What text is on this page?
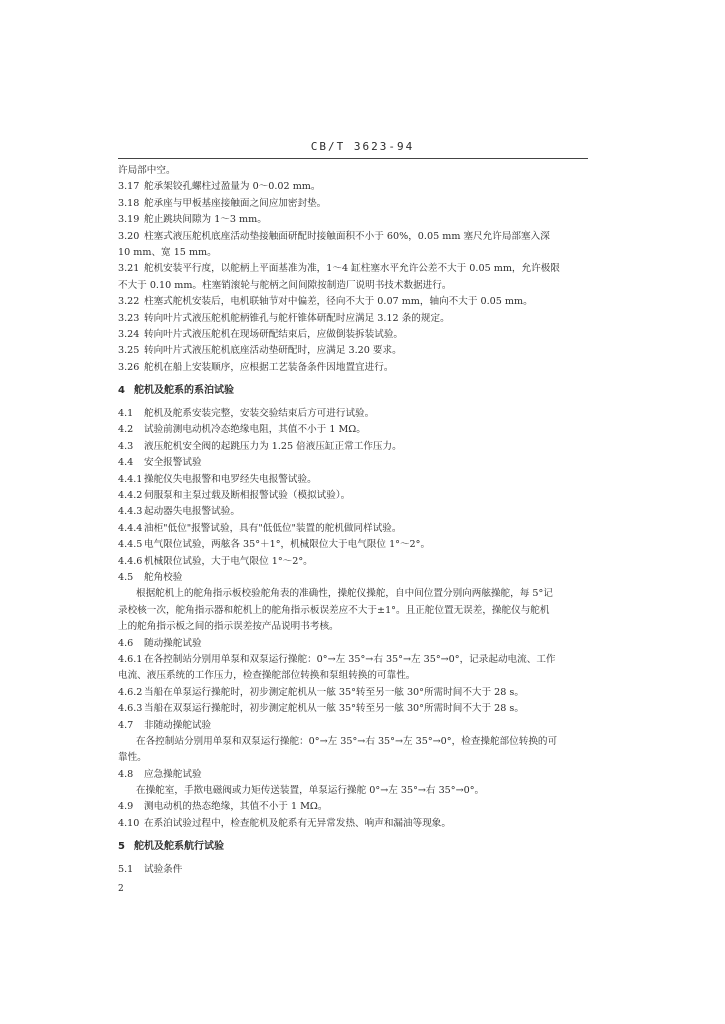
CB/T 3623-94
许局部中空。
3.17 舵承架铰孔螺柱过盈量为 0～0.02 mm。
3.18 舵承座与甲板基座接触面之间应加密封垫。
3.19 舵止跳块间隙为 1～3 mm。
3.20 柱塞式液压舵机底座活动垫接触面研配时接触面积不小于 60%，0.05 mm 塞尺允许局部塞入深
10 mm、宽 15 mm。
3.21 舵机安装平行度，以舵柄上平面基准为准，1～4 缸柱塞水平允许公差不大于 0.05 mm，允许极限
不大于 0.10 mm。柱塞销滚轮与舵柄之间间隙按制造厂说明书技术数据进行。
3.22 柱塞式舵机安装后，电机联轴节对中偏差，径向不大于 0.07 mm，轴向不大于 0.05 mm。
3.23 转向叶片式液压舵机舵柄锥孔与舵杆锥体研配时应满足 3.12 条的规定。
3.24 转向叶片式液压舵机在现场研配结束后，应做倒装拆装试验。
3.25 转向叶片式液压舵机底座活动垫研配时，应满足 3.20 要求。
3.26 舵机在船上安装顺序，应根据工艺装备条件因地置宜进行。
4 舵机及舵系的系泊试验
4.1 舵机及舵系安装完整，安装交验结束后方可进行试验。
4.2 试验前测电动机冷态绝缘电阻，其值不小于 1 MΩ。
4.3 液压舵机安全阀的起跳压力为 1.25 倍液压缸正常工作压力。
4.4 安全报警试验
4.4.1 操舵仪失电报警和电罗经失电报警试验。
4.4.2 伺服泵和主泵过载及断相报警试验（模拟试验）。
4.4.3 起动器失电报警试验。
4.4.4 油柜"低位"报警试验，具有"低低位"装置的舵机做同样试验。
4.4.5 电气限位试验，两舷各 35°＋1°，机械限位大于电气限位 1°～2°。
4.4.6 机械限位试验，大于电气限位 1°～2°。
4.5 舵角校验
根据舵机上的舵角指示板校验舵角表的准确性，操舵仪操舵，自中间位置分别向两舷操舵，每 5°记
录校核一次，舵角指示器和舵机上的舵角指示板误差应不大于±1°。且正舵位置无误差，操舵仪与舵机
上的舵角指示板之间的指示误差按产品说明书考核。
4.6 随动操舵试验
4.6.1 在各控制站分别用单泵和双泵运行操舵：0°→左 35°→右 35°→左 35°→0°，记录起动电流、工作
电流、液压系统的工作压力，检查操舵部位转换和泵组转换的可靠性。
4.6.2 当船在单泵运行操舵时，初步测定舵机从一舷 35°转至另一舷 30°所需时间不大于 28 s。
4.6.3 当船在双泵运行操舵时，初步测定舵机从一舷 35°转至另一舷 30°所需时间不大于 28 s。
4.7 非随动操舵试验
在各控制站分别用单泵和双泵运行操舵：0°→左 35°→右 35°→左 35°→0°，检查操舵部位转换的可
靠性。
4.8 应急操舵试验
在操舵室，手揿电磁阀或力矩传送装置，单泵运行操舵 0°→左 35°→右 35°→0°。
4.9 测电动机的热态绝缘，其值不小于 1 MΩ。
4.10 在系泊试验过程中，检查舵机及舵系有无异常发热、响声和漏油等现象。
5 舵机及舵系航行试验
5.1 试验条件
2
